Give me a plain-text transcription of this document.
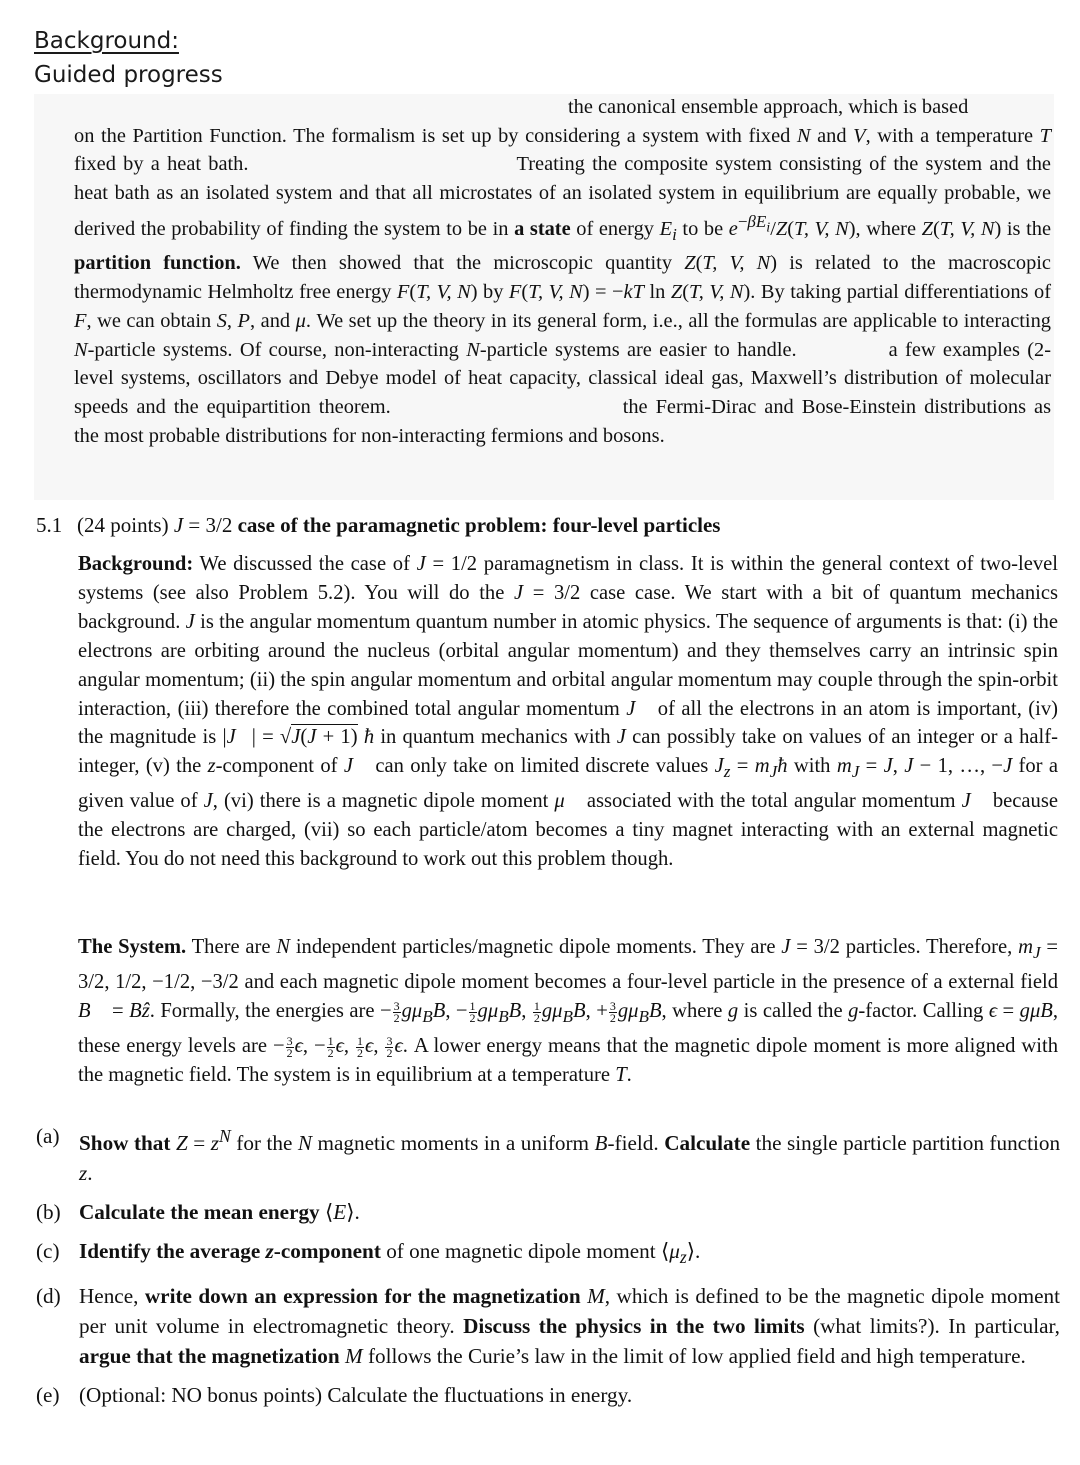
Background:
Guided progress
the canonical ensemble approach, which is based
on the Partition Function. The formalism is set up by considering a system with fixed N and V, with a temperature T fixed by a heat bath.	Treating the composite system consisting of the system and the heat bath as an isolated system and that all microstates of an isolated system in equilibrium are equally probable, we derived the probability of finding the system to be in a state of energy $E_i$ to be $e^{-\beta E_i}/Z(T$, V, N), where Z(T, V, N) is the partition function. We then showed that the microscopic quantity Z(T, V, N) is related to the macroscopic thermodynamic Helmholtz free energy F(T, V, N) by F(T, V, N) = −kT ln Z(T, V, N). By taking partial differentiations of F, we can obtain S, P, and μ. We set up the theory in its general form, i.e., all the formulas are applicable to interacting N-particle systems. Of course, non-interacting N-particle systems are easier to handle.	a few examples (2-level systems, oscillators and Debye model of heat capacity, classical ideal gas, Maxwell’s distribution of molecular speeds and the equipartition theorem.	the Fermi-Dirac and Bose-Einstein distributions as the most probable distributions for non-interacting fermions and bosons.
5.1 (24 points) J = 3/2 case of the paramagnetic problem: four-level particles
Background: We discussed the case of J = 1/2 paramagnetism in class. It is within the general context of two-level systems (see also Problem 5.2). You will do the J = 3/2 case case. We start with a bit of quantum mechanics background. J is the angular momentum quantum number in atomic physics. The sequence of arguments is that: (i) the electrons are orbiting around the nucleus (orbital angular momentum) and they themselves carry an intrinsic spin angular momentum; (ii) the spin angular momentum and orbital angular momentum may couple through the spin-orbit interaction, (iii) therefore the combined total angular momentum J⃗ of all the electrons in an atom is important, (iv) the magnitude is |J⃗| = √J(J + 1) ħ in quantum mechanics with J can possibly take on values of an integer or a half-integer, (v) the z-component of J⃗ can only take on limited discrete values $J_z$ = $m_Jħ$ with $m_J = J$, J − 1, …, −J for a given value of J, (vi) there is a magnetic dipole moment μ⃗ associated with the total angular momentum J⃗ because the electrons are charged, (vii) so each particle/atom becomes a tiny magnet interacting with an external magnetic field. You do not need this background to work out this problem though.
The System. There are N independent particles/magnetic dipole moments. They are J = 3/2 particles. Therefore, $m_J = 3/2$, 1/2, −1/2, −3/2 and each magnetic dipole moment becomes a four-level particle in the presence of a external field B⃗ = Bẑ. Formally, the energies are − $\frac{3}{2} g\mu_BB$, − $\frac{1}{2} g\mu_BB$, $\frac{1}{2} g\mu_BB$, + $\frac{3}{2} g\mu_BB$, where g is called the g-factor. Calling ϵ = gμB, these energy levels are − $\frac{3}{2} \epsilon$, − $\frac{1}{2} \epsilon$, $\frac{1}{2} \epsilon$, $\frac{3}{2} \epsilon$. A lower energy means that the magnetic dipole moment is more aligned with the magnetic field. The system is in equilibrium at a temperature T.
(a) Show that $Z = z^N$ for the N magnetic moments in a uniform B-field. Calculate the single particle partition function z.
(b) Calculate the mean energy ⟨E⟩.
(c) Identify the average z-component of one magnetic dipole moment $⟨\mu_z⟩$.
(d) Hence, write down an expression for the magnetization M, which is defined to be the magnetic dipole moment per unit volume in electromagnetic theory. Discuss the physics in the two limits (what limits?). In particular, argue that the magnetization M follows the Curie’s law in the limit of low applied field and high temperature.
(e) (Optional: NO bonus points) Calculate the fluctuations in energy.
